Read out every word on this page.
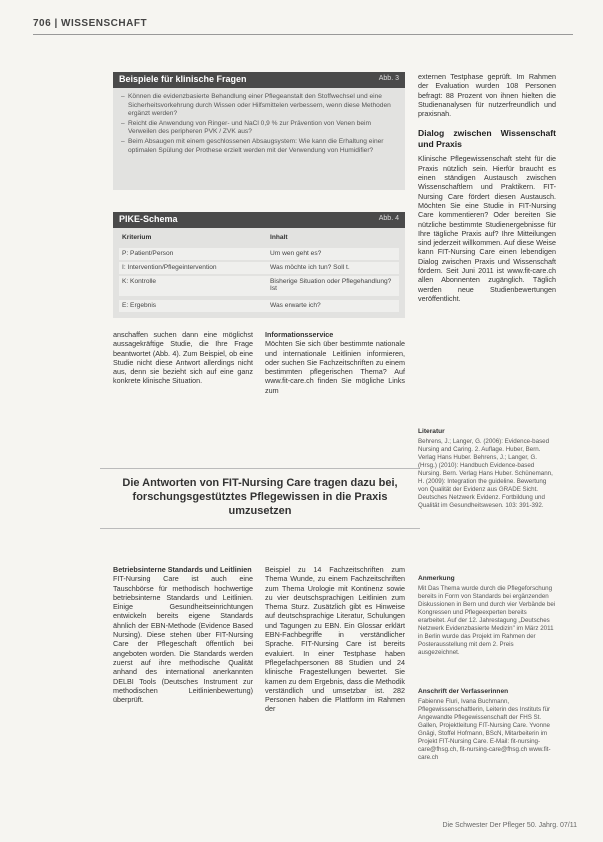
706 | WISSENSCHAFT
Beispiele für klinische Fragen	Abb. 3
– Können die evidenzbasierte Behandlung einer Pflegeanstalt den Stoffwechsel und eine Sicherheitsvorkehrung durch Wissen oder Hilfsmittelen verbessern, wenn diese Methoden ergänzt werden?
– Reicht die Anwendung von Ringer- und NaCl 0,9 % zur Prävention von Venen beim Verweilen des peripheren PVK / ZVK aus?
– Beim Absaugen mit einem geschlossenen Absaugsystem: Wie kann die Erhaltung einer optimalen Spülung der Prothese erzielt werden mit der Verwendung von Humidifier?
PIKE-Schema	Abb. 4
Kriterium	Inhalt
P: Patient/Person	Um wen geht es?
I: Intervention/Pflegeintervention	Was möchte ich tun? Soll t.
K: Kontrolle	Bisherige Situation oder Pflegehandlung? Ist
E: Ergebnis	Was erwarte ich?
anschaffen suchen dann eine möglichst aussagekräftige Studie, die Ihre Frage beantwortet (Abb. 4). Zum Beispiel, ob eine Studie nicht diese Antwort allerdings nicht aus, denn sie bezieht sich auf eine ganz konkrete klinische Situation.
Informationsservice
Möchten Sie sich über bestimmte nationale und internationale Leitlinien informieren, oder suchen Sie Fachzeitschriften zu einem bestimmten pflegerischen Thema? Auf www.fit-care.ch finden Sie mögliche Links zum
externen Testphase geprüft. Im Rahmen der Evaluation wurden 108 Personen befragt: 88 Prozent von ihnen hielten die Studienanalysen für nutzerfreundlich und praxisnah.
Dialog zwischen Wissenschaft und Praxis
Klinische Pflegewissenschaft steht für die Praxis nützlich sein. Hierfür braucht es einen ständigen Austausch zwischen Wissenschaftlern und Praktikern. FIT-Nursing Care fördert diesen Austausch. Möchten Sie eine Studie in FIT-Nursing Care kommentieren? Oder bereiten Sie nützliche bestimmte Studienergebnisse für Ihre tägliche Praxis auf? Ihre Mitteilungen sind jederzeit willkommen. Auf diese Weise kann FIT-Nursing Care einen lebendigen Dialog zwischen Praxis und Wissenschaft fördern. Seit Juni 2011 ist www.fit-care.ch allen Abonnenten zugänglich. Täglich werden neue Studienbewertungen veröffentlicht.
Die Antworten von FIT-Nursing Care tragen dazu bei, forschungsgestütztes Pflegewissen in die Praxis umzusetzen
Betriebsinterne Standards und Leitlinien
FIT-Nursing Care ist auch eine Tauschbörse für methodisch hochwertige betriebsinterne Standards und Leitlinien. Einige Gesundheitseinrichtungen entwickeln bereits eigene Standards ähnlich der EBN-Methode (Evidence Based Nursing). Diese stehen über FIT-Nursing Care der Pflegeschaft öffentlich bei angeboten worden. Die Standards werden zuerst auf ihre methodische Qualität anhand des international anerkannten DELBI Tools (Deutsches Instrument zur methodischen Leitlinienbewertung) überprüft.
Beispiel zu 14 Fachzeitschriften zum Thema Wunde, zu einem Fachzeitschriften zum Thema Urologie mit Kontinenz sowie zu vier deutschsprachigen Leitlinien zum Thema Sturz. Zusätzlich gibt es Hinweise auf deutschsprachige Literatur, Schulungen und Tagungen zu EBN. Ein Glossar erklärt EBN-Fachbegriffe in verständlicher Sprache. FIT-Nursing Care ist bereits evaluiert. In einer Testphase haben Pflegefachpersonen 88 Studien und 24 klinische Fragestellungen bewertet. Sie kamen zu dem Ergebnis, dass die Methodik verständlich und umsetzbar ist. 282 Personen haben die Plattform im Rahmen der
Literatur
Behrens, J.; Langer, G. (2006): Evidence-based Nursing and Caring. 2. Auflage. Huber, Bern. Verlag Hans Huber. Behrens, J.; Langer, G. (Hrsg.) (2010): Handbuch Evidence-based Nursing. Bern. Verlag Hans Huber. Schünemann, H. (2009): Integration the guideline. Bewertung von Qualität der Evidenz aus GRADE Sicht. Deutsches Netzwerk Evidenz. Fortbildung und Qualität im Gesundheitswesen. 103: 391-392.
Anmerkung
Mit Das Thema wurde durch die Pflegeforschung bereits in Form von Standards bei ergänzenden Diskussionen in Bern und durch vier Verbände bei Kongressen und Pflegeexperten bereits erarbeitet. Auf der 12. Jahrestagung „Deutsches Netzwerk Evidenzbasierte Medizin" im März 2011 in Berlin wurde das Projekt im Rahmen der Posterausstellung mit dem 2. Preis ausgezeichnet.
Anschrift der Verfasserinnen
Fabienne Fluri, Ivana Buchmann, Pflegewissenschaftlerin, Leiterin des Instituts für Angewandte Pflegewissenschaft der FHS St. Gallen, Projektleitung FIT-Nursing Care. Yvonne Gnägi, Stoffel Hofmann, BScN, Mitarbeiterin im Projekt FIT-Nursing Care. E-Mail: fit-nursing-care@fhsg.ch, fit-nursing-care@fhsg.ch www.fit-care.ch
Die Schwester Der Pfleger 50. Jahrg. 07/11
